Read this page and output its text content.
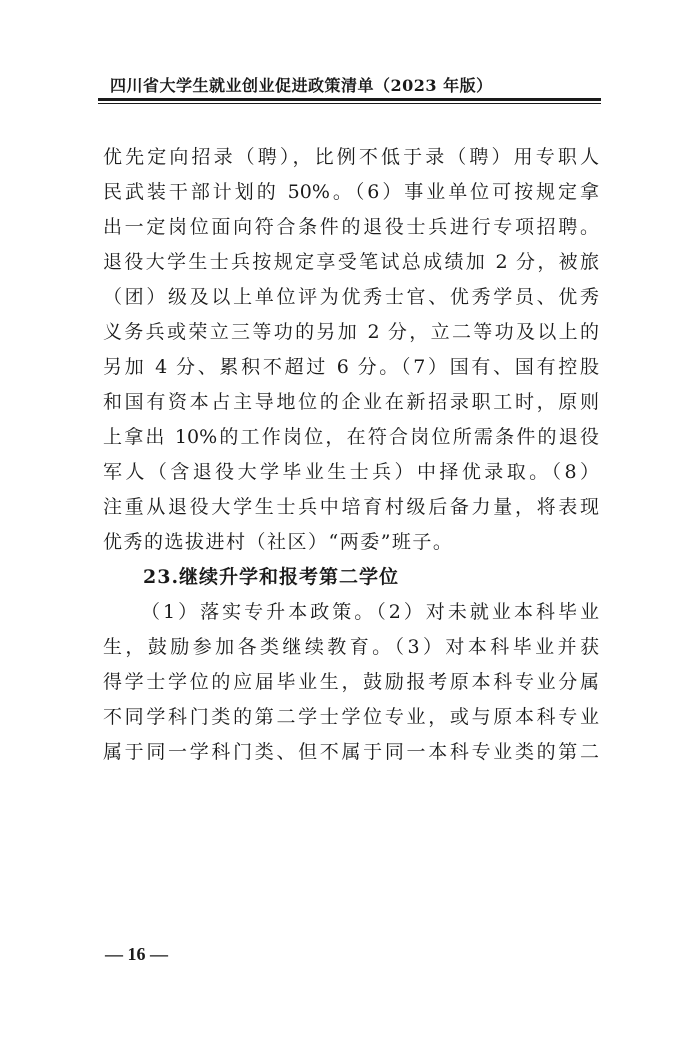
四川省大学生就业创业促进政策清单（2023 年版）
优先定向招录（聘），比例不低于录（聘）用专职人
民武装干部计划的 50%。（6）事业单位可按规定拿
出一定岗位面向符合条件的退役士兵进行专项招聘。
退役大学生士兵按规定享受笔试总成绩加 2 分，被旅
（团）级及以上单位评为优秀士官、优秀学员、优秀
义务兵或荣立三等功的另加 2 分，立二等功及以上的
另加 4 分、累积不超过 6 分。（7）国有、国有控股
和国有资本占主导地位的企业在新招录职工时，原则
上拿出 10%的工作岗位，在符合岗位所需条件的退役
军人（含退役大学毕业生士兵）中择优录取。（8）
注重从退役大学生士兵中培育村级后备力量，将表现
优秀的选拔进村（社区）“两委”班子。
23.继续升学和报考第二学位
（1）落实专升本政策。（2）对未就业本科毕业
生，鼓励参加各类继续教育。（3）对本科毕业并获
得学士学位的应届毕业生，鼓励报考原本科专业分属
不同学科门类的第二学士学位专业，或与原本科专业
属于同一学科门类、但不属于同一本科专业类的第二
— 16 —
